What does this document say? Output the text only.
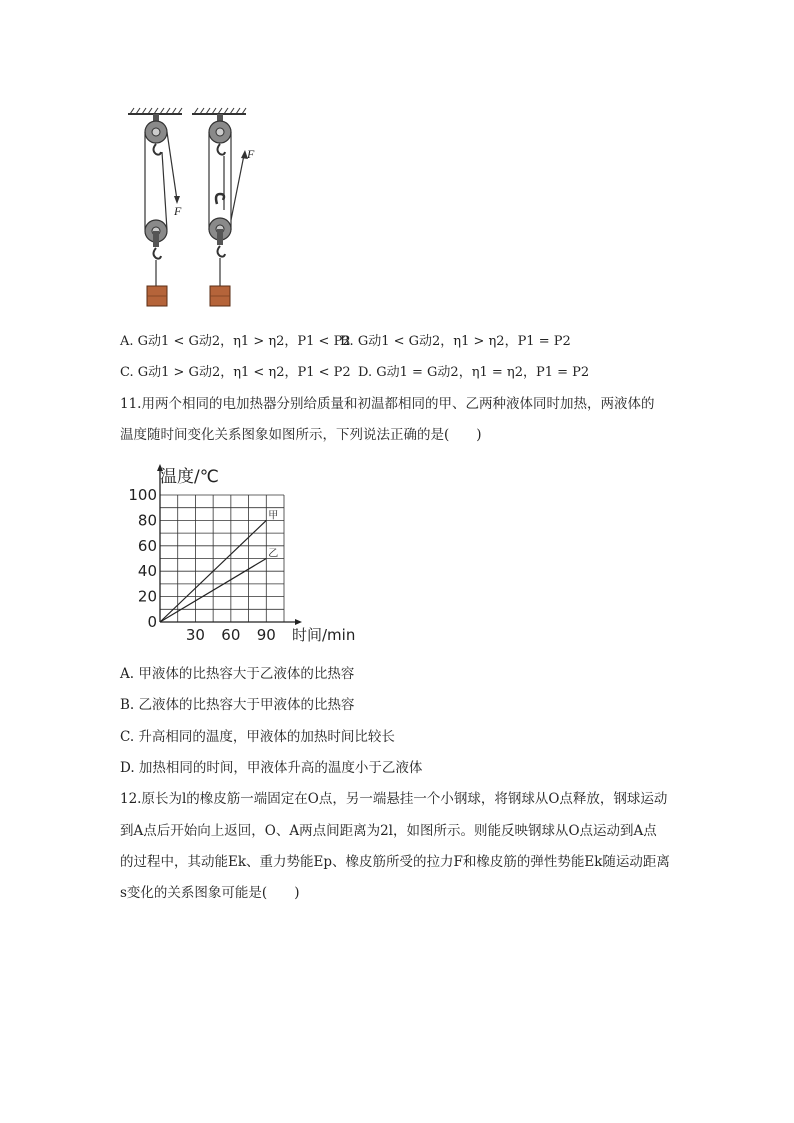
F
F
A. G动1 < G动2，η1 > η2，P1 < P2
B. G动1 < G动2，η1 > η2，P1 = P2
C. G动1 > G动2，η1 < η2，P1 < P2 D. G动1 = G动2，η1 = η2，P1 = P2
11.用两个相同的电加热器分别给质量和初温都相同的甲、乙两种液体同时加热，两液体的
温度随时间变化关系图象如图所示，下列说法正确的是(　　)
0
20
40
60
80
100
30 60 90
甲
乙
温度/℃
时间/min
A. 甲液体的比热容大于乙液体的比热容
B. 乙液体的比热容大于甲液体的比热容
C. 升高相同的温度，甲液体的加热时间比较长
D. 加热相同的时间，甲液体升高的温度小于乙液体
12.原长为l的橡皮筋一端固定在O点，另一端悬挂一个小钢球，将钢球从O点释放，钢球运动
到A点后开始向上返回，O、A两点间距离为2l，如图所示。则能反映钢球从O点运动到A点
的过程中，其动能Ek、重力势能Ep、橡皮筋所受的拉力F和橡皮筋的弹性势能Ek随运动距离
s变化的关系图象可能是(　　)
